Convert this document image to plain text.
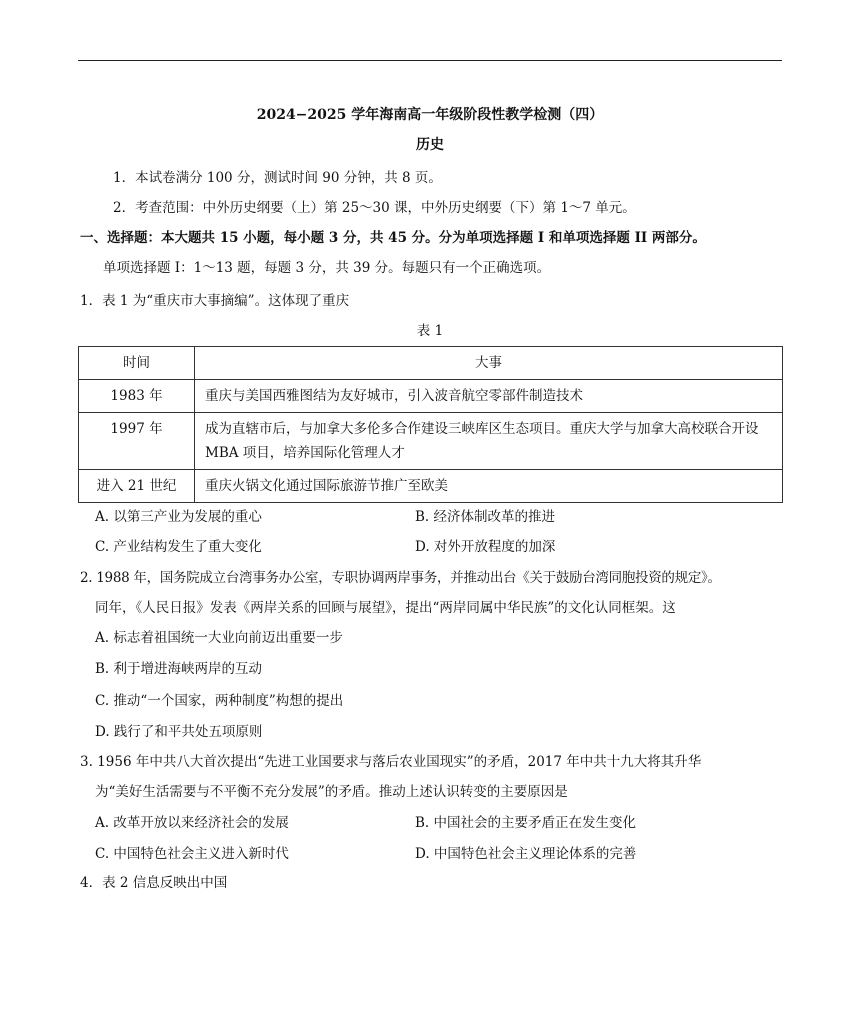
2024−2025 学年海南高一年级阶段性教学检测（四）
历史
1．本试卷满分 100 分，测试时间 90 分钟，共 8 页。
2．考查范围：中外历史纲要（上）第 25～30 课，中外历史纲要（下）第 1～7 单元。
一、选择题：本大题共 15 小题，每小题 3 分，共 45 分。分为单项选择题 I 和单项选择题 II 两部分。
单项选择题 I：1～13 题，每题 3 分，共 39 分。每题只有一个正确选项。
1．表 1 为“重庆市大事摘编”。这体现了重庆
表 1
时间	大事
1983 年	重庆与美国西雅图结为友好城市，引入波音航空零部件制造技术
1997 年	成为直辖市后，与加拿大多伦多合作建设三峡库区生态项目。重庆大学与加拿大高校联合开设 MBA 项目，培养国际化管理人才
进入 21 世纪	重庆火锅文化通过国际旅游节推广至欧美
A. 以第三产业为发展的重心	B. 经济体制改革的推进
C. 产业结构发生了重大变化	D. 对外开放程度的加深
2. 1988 年，国务院成立台湾事务办公室，专职协调两岸事务，并推动出台《关于鼓励台湾同胞投资的规定》。
同年，《人民日报》发表《两岸关系的回顾与展望》，提出“两岸同属中华民族”的文化认同框架。这
A. 标志着祖国统一大业向前迈出重要一步
B. 利于增进海峡两岸的互动
C. 推动“一个国家，两种制度”构想的提出
D. 践行了和平共处五项原则
3. 1956 年中共八大首次提出“先进工业国要求与落后农业国现实”的矛盾，2017 年中共十九大将其升华
为“美好生活需要与不平衡不充分发展”的矛盾。推动上述认识转变的主要原因是
A. 改革开放以来经济社会的发展	B. 中国社会的主要矛盾正在发生变化
C. 中国特色社会主义进入新时代	D. 中国特色社会主义理论体系的完善
4．表 2 信息反映出中国
